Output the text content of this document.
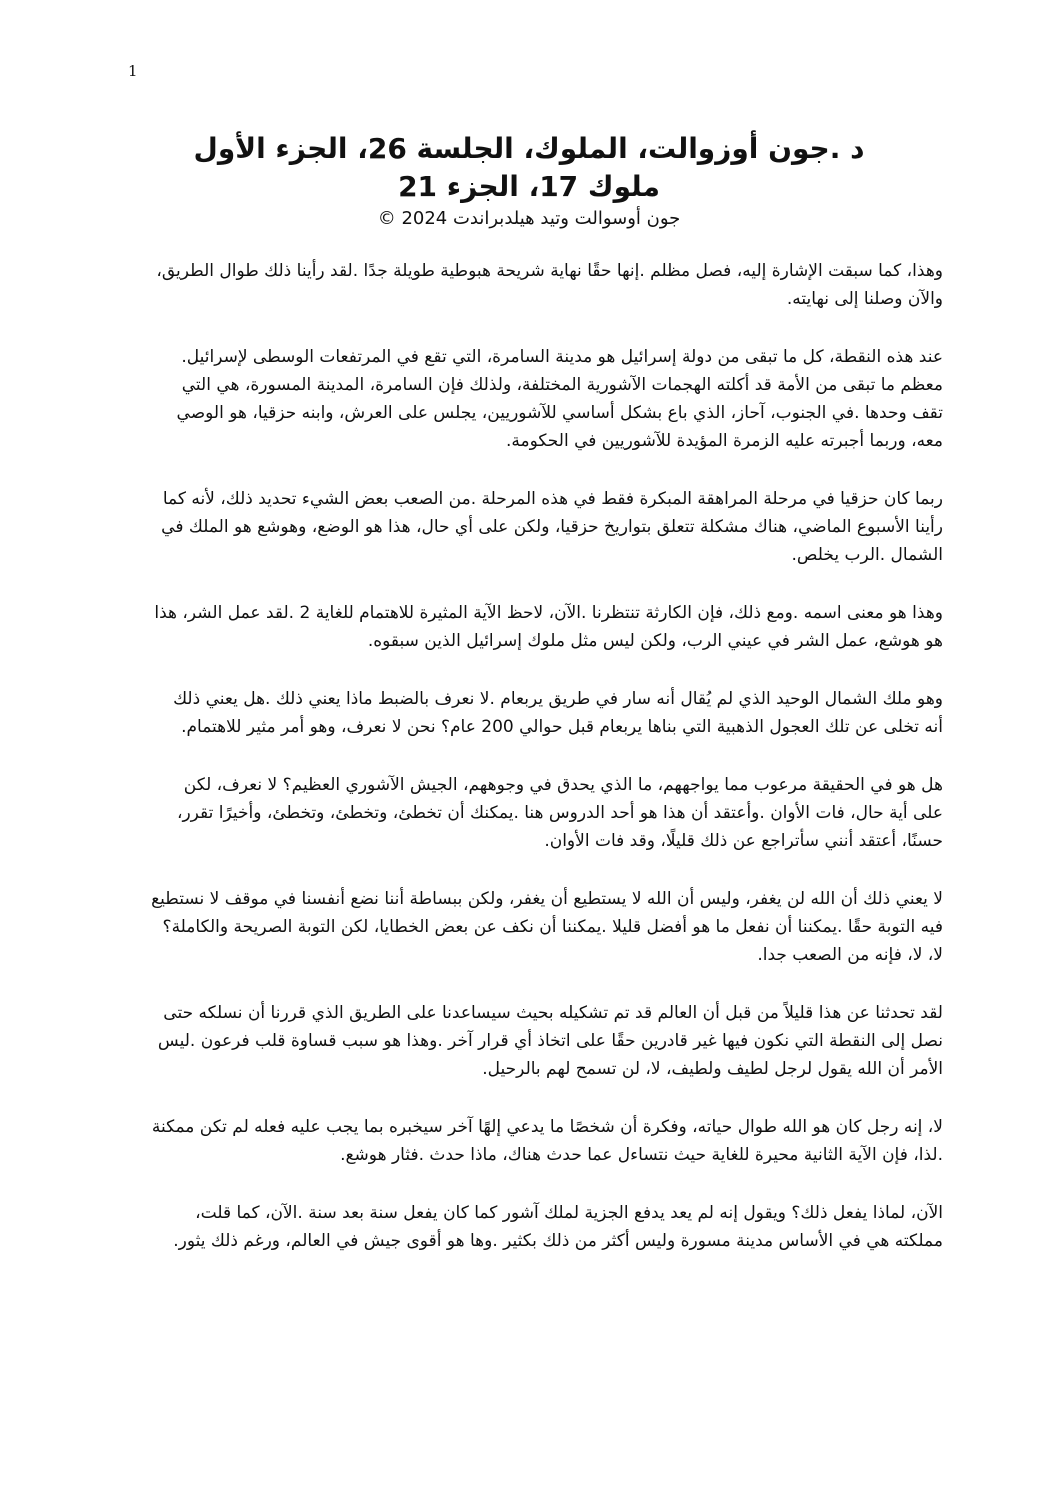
1

د .جون أوزوالت، الملوك، الجلسة 26، الجزء الأول

ملوك 17، الجزء 21

جون أوسوالت وتيد هيلدبراندت 2024 ©

وهذا، كما سبقت الإشارة إليه، فصل مظلم .إنها حقًا نهاية شريحة هبوطية طويلة جدًا .لقد رأينا ذلك طوال الطريق، والآن وصلنا إلى نهايته.

عند هذه النقطة، كل ما تبقى من دولة إسرائيل هو مدينة السامرة، التي تقع في المرتفعات الوسطى لإسرائيل. معظم ما تبقى من الأمة قد أكلته الهجمات الآشورية المختلفة، ولذلك فإن السامرة، المدينة المسورة، هي التي تقف وحدها .في الجنوب، آحاز، الذي باع بشكل أساسي للآشوريين، يجلس على العرش، وابنه حزقيا، هو الوصي معه، وربما أجبرته عليه الزمرة المؤيدة للآشوريين في الحكومة.

ربما كان حزقيا في مرحلة المراهقة المبكرة فقط في هذه المرحلة .من الصعب بعض الشيء تحديد ذلك، لأنه كما رأينا الأسبوع الماضي، هناك مشكلة تتعلق بتواريخ حزقيا، ولكن على أي حال، هذا هو الوضع، وهوشع هو الملك في الشمال .الرب يخلص.

وهذا هو معنى اسمه .ومع ذلك، فإن الكارثة تنتظرنا .الآن، لاحظ الآية المثيرة للاهتمام للغاية 2 .لقد عمل الشر، هذا هو هوشع، عمل الشر في عيني الرب، ولكن ليس مثل ملوك إسرائيل الذين سبقوه.

وهو ملك الشمال الوحيد الذي لم يُقال أنه سار في طريق يربعام .لا نعرف بالضبط ماذا يعني ذلك .هل يعني ذلك أنه تخلى عن تلك العجول الذهبية التي بناها يربعام قبل حوالي 200 عام؟ نحن لا نعرف، وهو أمر مثير للاهتمام.

هل هو في الحقيقة مرعوب مما يواجههم، ما الذي يحدق في وجوههم، الجيش الآشوري العظيم؟ لا نعرف، لكن على أية حال، فات الأوان .وأعتقد أن هذا هو أحد الدروس هنا .يمكنك أن تخطئ، وتخطئ، وتخطئ، وأخيرًا تقرر، حسنًا، أعتقد أنني سأتراجع عن ذلك قليلًا، وقد فات الأوان.

لا يعني ذلك أن الله لن يغفر، وليس أن الله لا يستطيع أن يغفر، ولكن ببساطة أننا نضع أنفسنا في موقف لا نستطيع فيه التوبة حقًا .يمكننا أن نفعل ما هو أفضل قليلا .يمكننا أن نكف عن بعض الخطايا، لكن التوبة الصريحة والكاملة؟ لا، لا، فإنه من الصعب جدا.

لقد تحدثنا عن هذا قليلاً من قبل أن العالم قد تم تشكيله بحيث سيساعدنا على الطريق الذي قررنا أن نسلكه حتى نصل إلى النقطة التي نكون فيها غير قادرين حقًا على اتخاذ أي قرار آخر .وهذا هو سبب قساوة قلب فرعون .ليس الأمر أن الله يقول لرجل لطيف ولطيف، لا، لن تسمح لهم بالرحيل.

لا، إنه رجل كان هو الله طوال حياته، وفكرة أن شخصًا ما يدعي إلهًا آخر سيخبره بما يجب عليه فعله لم تكن ممكنة .لذا، فإن الآية الثانية محيرة للغاية حيث نتساءل عما حدث هناك، ماذا حدث .فثار هوشع.

الآن، لماذا يفعل ذلك؟ ويقول إنه لم يعد يدفع الجزية لملك آشور كما كان يفعل سنة بعد سنة .الآن، كما قلت، مملكته هي في الأساس مدينة مسورة وليس أكثر من ذلك بكثير .وها هو أقوى جيش في العالم، ورغم ذلك يثور.
